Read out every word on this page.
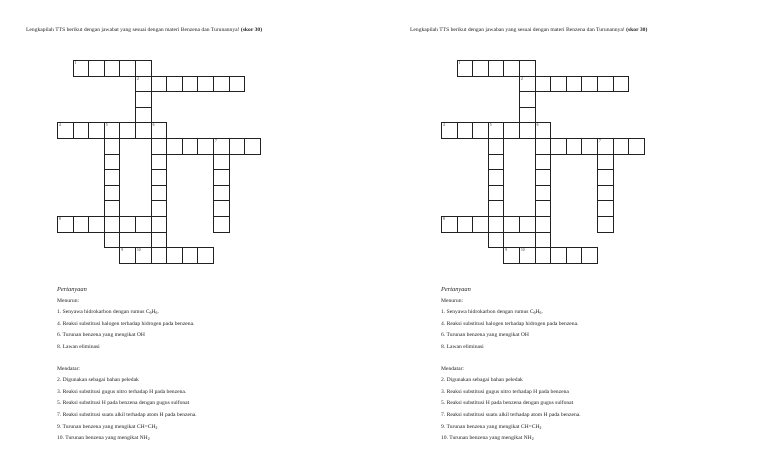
Lengkapilah TTS berikut dengan jawabat yang sesuai dengan materi Benzena dan Turunannya! (skor 30)
1
2
4	5
7
6
8
9	10
Pertanyaan
Menurun:
1. Senyawa hidrokarbon dengan rumus $C_6H_6$.
4. Reaksi substitusi halogen terhadap hidrogen pada benzena.
6. Turunan benzena yang mengikat OH
8. Lawan eliminasi
Mendatar:
2. Digunakan sebagai bahan peledak
3. Reaksi substitusi gugus nitro terhadap H pada benzena.
5. Reaksi substitusi H pada benzena dengan gugus sulfonat
7. Reaksi substitusi suatu alkil terhadap atom H pada benzena.
9. Turunan benzena yang mengikat $CH=CH_2$
10. Turunan benzena yang mengikat $NH_2$
Lengkapilah TTS berikut dengan jawaban yang sesuai dengan materi Benzena dan Turunannya! (skor 30)
1
2
4	5
7
6
8
9	10
Pertanyaan
Menurun:
1. Senyawa hidrokarbon dengan rumus $C_6H_6$.
4. Reaksi substitusi halogen terhadap hidrogen pada benzena.
6. Turunan benzena yang mengikat OH
8. Lawan eliminasi
Mendatar:
2. Digunakan sebagai bahan peledak
3. Reaksi substitusi gugus nitro terhadap H pada benzena
5. Reaksi substitusi H pada benzena dengan gugus sulfonat
7. Reaksi substitusi suatu alkil terhadap atom H pada benzena.
9. Turunan benzena yang mengikat $CH=CH_2$
10. Turunan benzena yang mengikat $NH_2$
